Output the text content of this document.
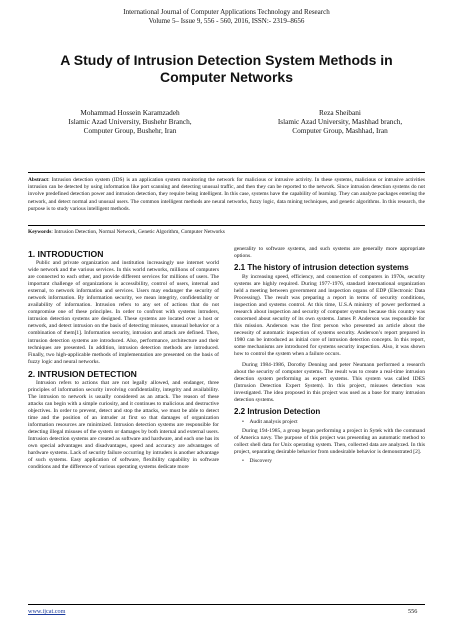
International Journal of Computer Applications Technology and Research
Volume 5– Issue 9, 556 - 560, 2016, ISSN:- 2319–8656
A Study of Intrusion Detection System Methods in Computer Networks
Mohammad Hossein Karamzadeh
Islamic Azad University, Bushehr Branch,
Computer Group, Bushehr, Iran
Reza Sheibani
Islamic Azad University, Mashhad branch,
Computer Group, Mashhad, Iran
Abstract: Intrusion detection system (IDS) is an application system monitoring the network for malicious or intrusive activity. In these systems, malicious or intrusive activities intrusion can be detected by using information like port scanning and detecting unusual traffic, and then they can be reported to the network. Since intrusion detection systems do not involve predefined detection power and intrusion detection, they require being intelligent. In this case, systems have the capability of learning. They can analyze packages entering the network, and detect normal and unusual users. The common intelligent methods are neural networks, fuzzy logic, data mining techniques, and genetic algorithms. In this research, the purpose is to study various intelligent methods.
Keywords: Intrusion Detection, Normal Network, Genetic Algorithm, Computer Networks
1. INTRODUCTION

Public and private organization and institution increasingly use internet world wide network and the various services. In this world networks, millions of computers are connected to each other, and provide different services for millions of users. The important challenge of organizations is accessibility, control of users, internal and external, to network information and services. Users may endanger the security of network information. By information security, we mean integrity, confidentiality or availability of information. Intrusion refers to any set of actions that do not compromise one of these principles. In order to confront with systems intruders, intrusion detection systems are designed. These systems are located over a host or network, and detect intrusion on the basis of detecting misuses, unusual behavior or a combination of them[1]. Information security, intrusion and attack are defined. Then, intrusion detection systems are introduced. Also, performance, architecture and their techniques are presented. In addition, intrusion detection methods are introduced. Finally, two high-applicable methods of implementation are presented on the basis of fuzzy logic and neural networks.

2. INTRUSION DETECTION

Intrusion refers to actions that are not legally allowed, and endanger, three principles of information security involving confidentiality, integrity and availability. The intrusion to network is usually considered as an attack. The reason of these attacks can begin with a simple curiosity, and it continues to malicious and destructive objectives. In order to prevent, detect and stop the attacks, we must be able to detect time and the position of an intruder at first so that damages of organization information resources are minimized. Intrusion detection systems are responsible for detecting illegal misuses of the system or damages by both internal and external users. Intrusion detection systems are created as software and hardware, and each one has its own special advantages and disadvantages, speed and accuracy are advantages of hardware systems. Lack of security failure occurring by intruders is another advantage of such systems. Easy application of software, flexibility capability in software conditions and the difference of various operating systems dedicate more

generality to software systems, and such systems are generally more appropriate options.

2.1 The history of intrusion detection systems

By increasing speed, efficiency, and connection of computers in 1970s, security systems are highly required. During 1977-1976, standard international organization held a meeting between government and inspection organs of EDP (Electronic Data Processing). The result was preparing a report in terms of security conditions, inspection and systems control. At this time, U.S.A ministry of power performed a research about inspection and security of computer systems because this country was concerned about security of its own systems. James P. Anderson was responsible for this mission. Anderson was the first person who presented an article about the necessity of automatic inspection of systems security. Anderson’s report prepared in 1980 can be introduced as initial core of intrusion detection concepts. In this report, some mechanisms are introduced for systems security inspection. Also, it was shown how to control the system when a failure occurs.

During 1984-1986, Dorothy Denning and peter Neumann performed a research about the security of computer systems. The result was to create a real-time intrusion detection system performing as expert systems. This system was called IDES (Intrusion Detection Expert System). In this project, misuses detection was investigated. The idea proposed in this project was used as a base for many intrusion detection systems.

2.2 Intrusion Detection
•    Audit analysis project

During 194-1985, a group began performing a project in Sytek with the command of America navy. The purpose of this project was presenting an automatic method to collect shell data for Unix operating system. Then, collected data are analyzed. In this project, separating desirable behavior from undesirable behavior is demonstrated [2].

•    Discovery
www.ijcat.com	556
